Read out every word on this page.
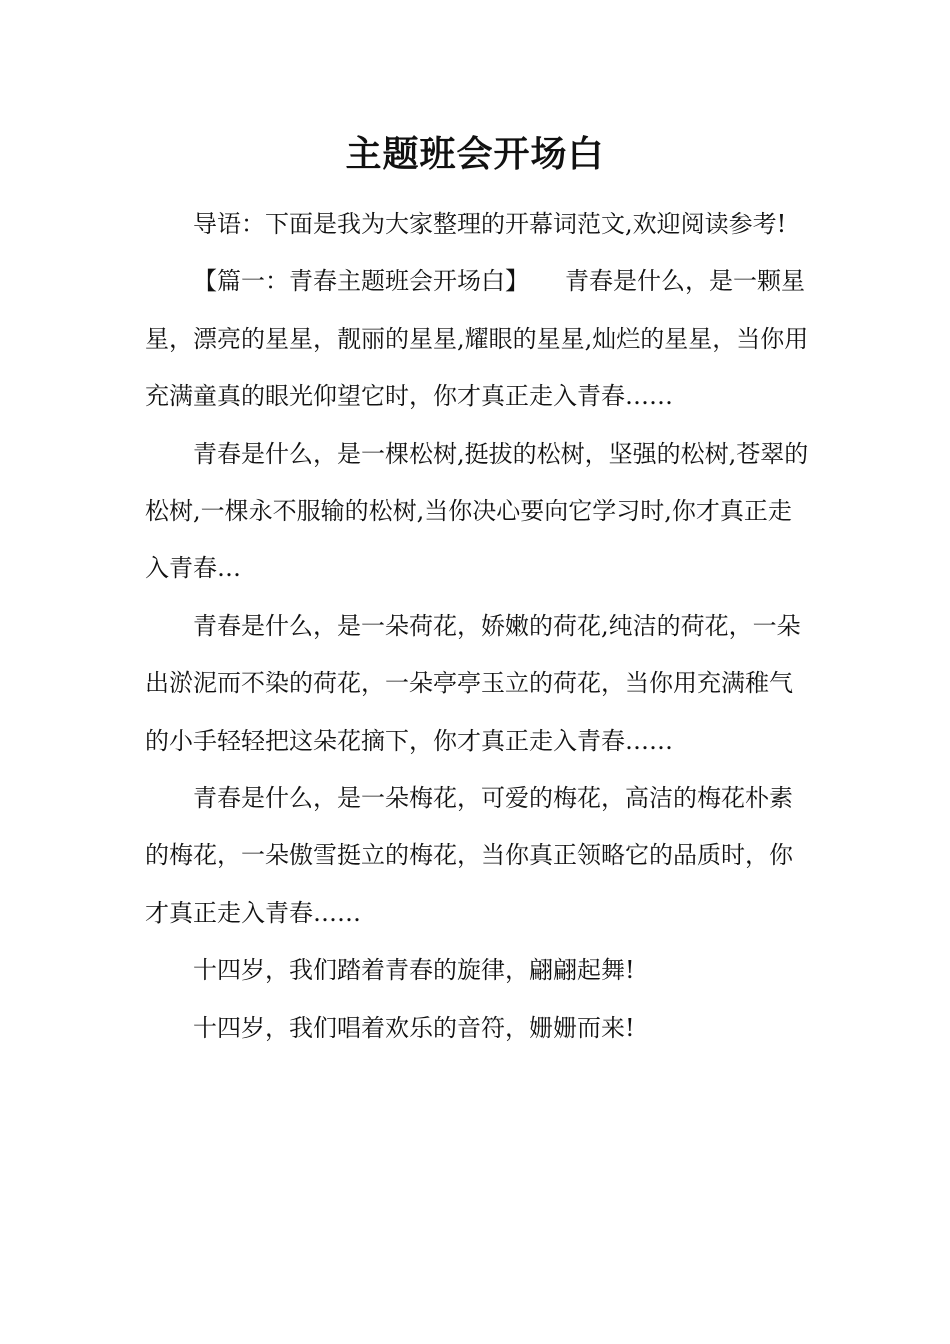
主题班会开场白

导语：下面是我为大家整理的开幕词范文,欢迎阅读参考!

【篇一：青春主题班会开场白】　　青春是什么，是一颗星星，漂亮的星星，靓丽的星星,耀眼的星星,灿烂的星星，当你用充满童真的眼光仰望它时，你才真正走入青春……

青春是什么，是一棵松树,挺拔的松树，坚强的松树,苍翠的松树,一棵永不服输的松树,当你决心要向它学习时,你才真正走入青春…

青春是什么，是一朵荷花，娇嫩的荷花,纯洁的荷花，一朵出淤泥而不染的荷花，一朵亭亭玉立的荷花，当你用充满稚气的小手轻轻把这朵花摘下，你才真正走入青春……

青春是什么，是一朵梅花，可爱的梅花，高洁的梅花朴素的梅花，一朵傲雪挺立的梅花，当你真正领略它的品质时，你才真正走入青春……

十四岁，我们踏着青春的旋律，翩翩起舞!

十四岁，我们唱着欢乐的音符，姗姗而来!
